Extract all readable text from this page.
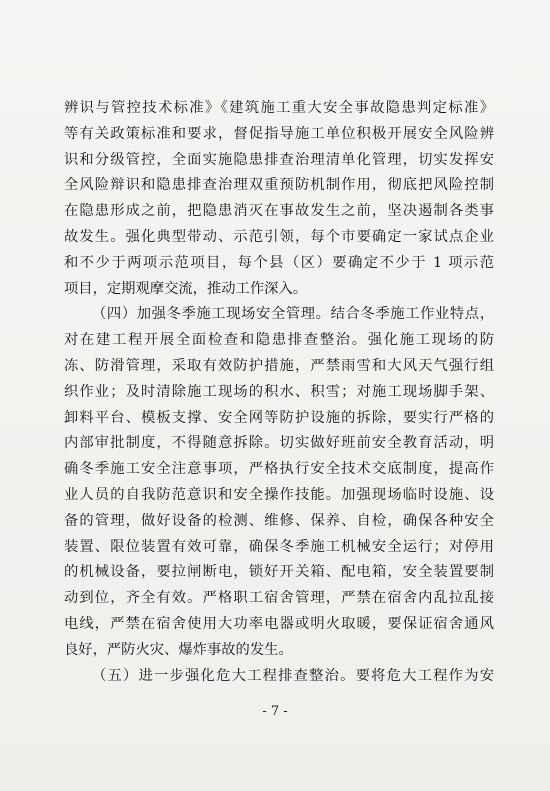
辨识与管控技术标准》《建筑施工重大安全事故隐患判定标准》
等有关政策标准和要求，督促指导施工单位积极开展安全风险辨
识和分级管控，全面实施隐患排查治理清单化管理，切实发挥安
全风险辩识和隐患排查治理双重预防机制作用，彻底把风险控制
在隐患形成之前，把隐患消灭在事故发生之前，坚决遏制各类事
故发生。强化典型带动、示范引领，每个市要确定一家试点企业
和不少于两项示范项目，每个县（区）要确定不少于 1 项示范
项目，定期观摩交流，推动工作深入。
（四）加强冬季施工现场安全管理。结合冬季施工作业特点，
对在建工程开展全面检查和隐患排查整治。强化施工现场的防
冻、防滑管理，采取有效防护措施，严禁雨雪和大风天气强行组
织作业；及时清除施工现场的积水、积雪；对施工现场脚手架、
卸料平台、模板支撑、安全网等防护设施的拆除，要实行严格的
内部审批制度，不得随意拆除。切实做好班前安全教育活动，明
确冬季施工安全注意事项，严格执行安全技术交底制度，提高作
业人员的自我防范意识和安全操作技能。加强现场临时设施、设
备的管理，做好设备的检测、维修、保养、自检，确保各种安全
装置、限位装置有效可靠，确保冬季施工机械安全运行；对停用
的机械设备，要拉闸断电，锁好开关箱、配电箱，安全装置要制
动到位，齐全有效。严格职工宿舍管理，严禁在宿舍内乱拉乱接
电线，严禁在宿舍使用大功率电器或明火取暖，要保证宿舍通风
良好，严防火灾、爆炸事故的发生。
（五）进一步强化危大工程排查整治。要将危大工程作为安
- 7 -
